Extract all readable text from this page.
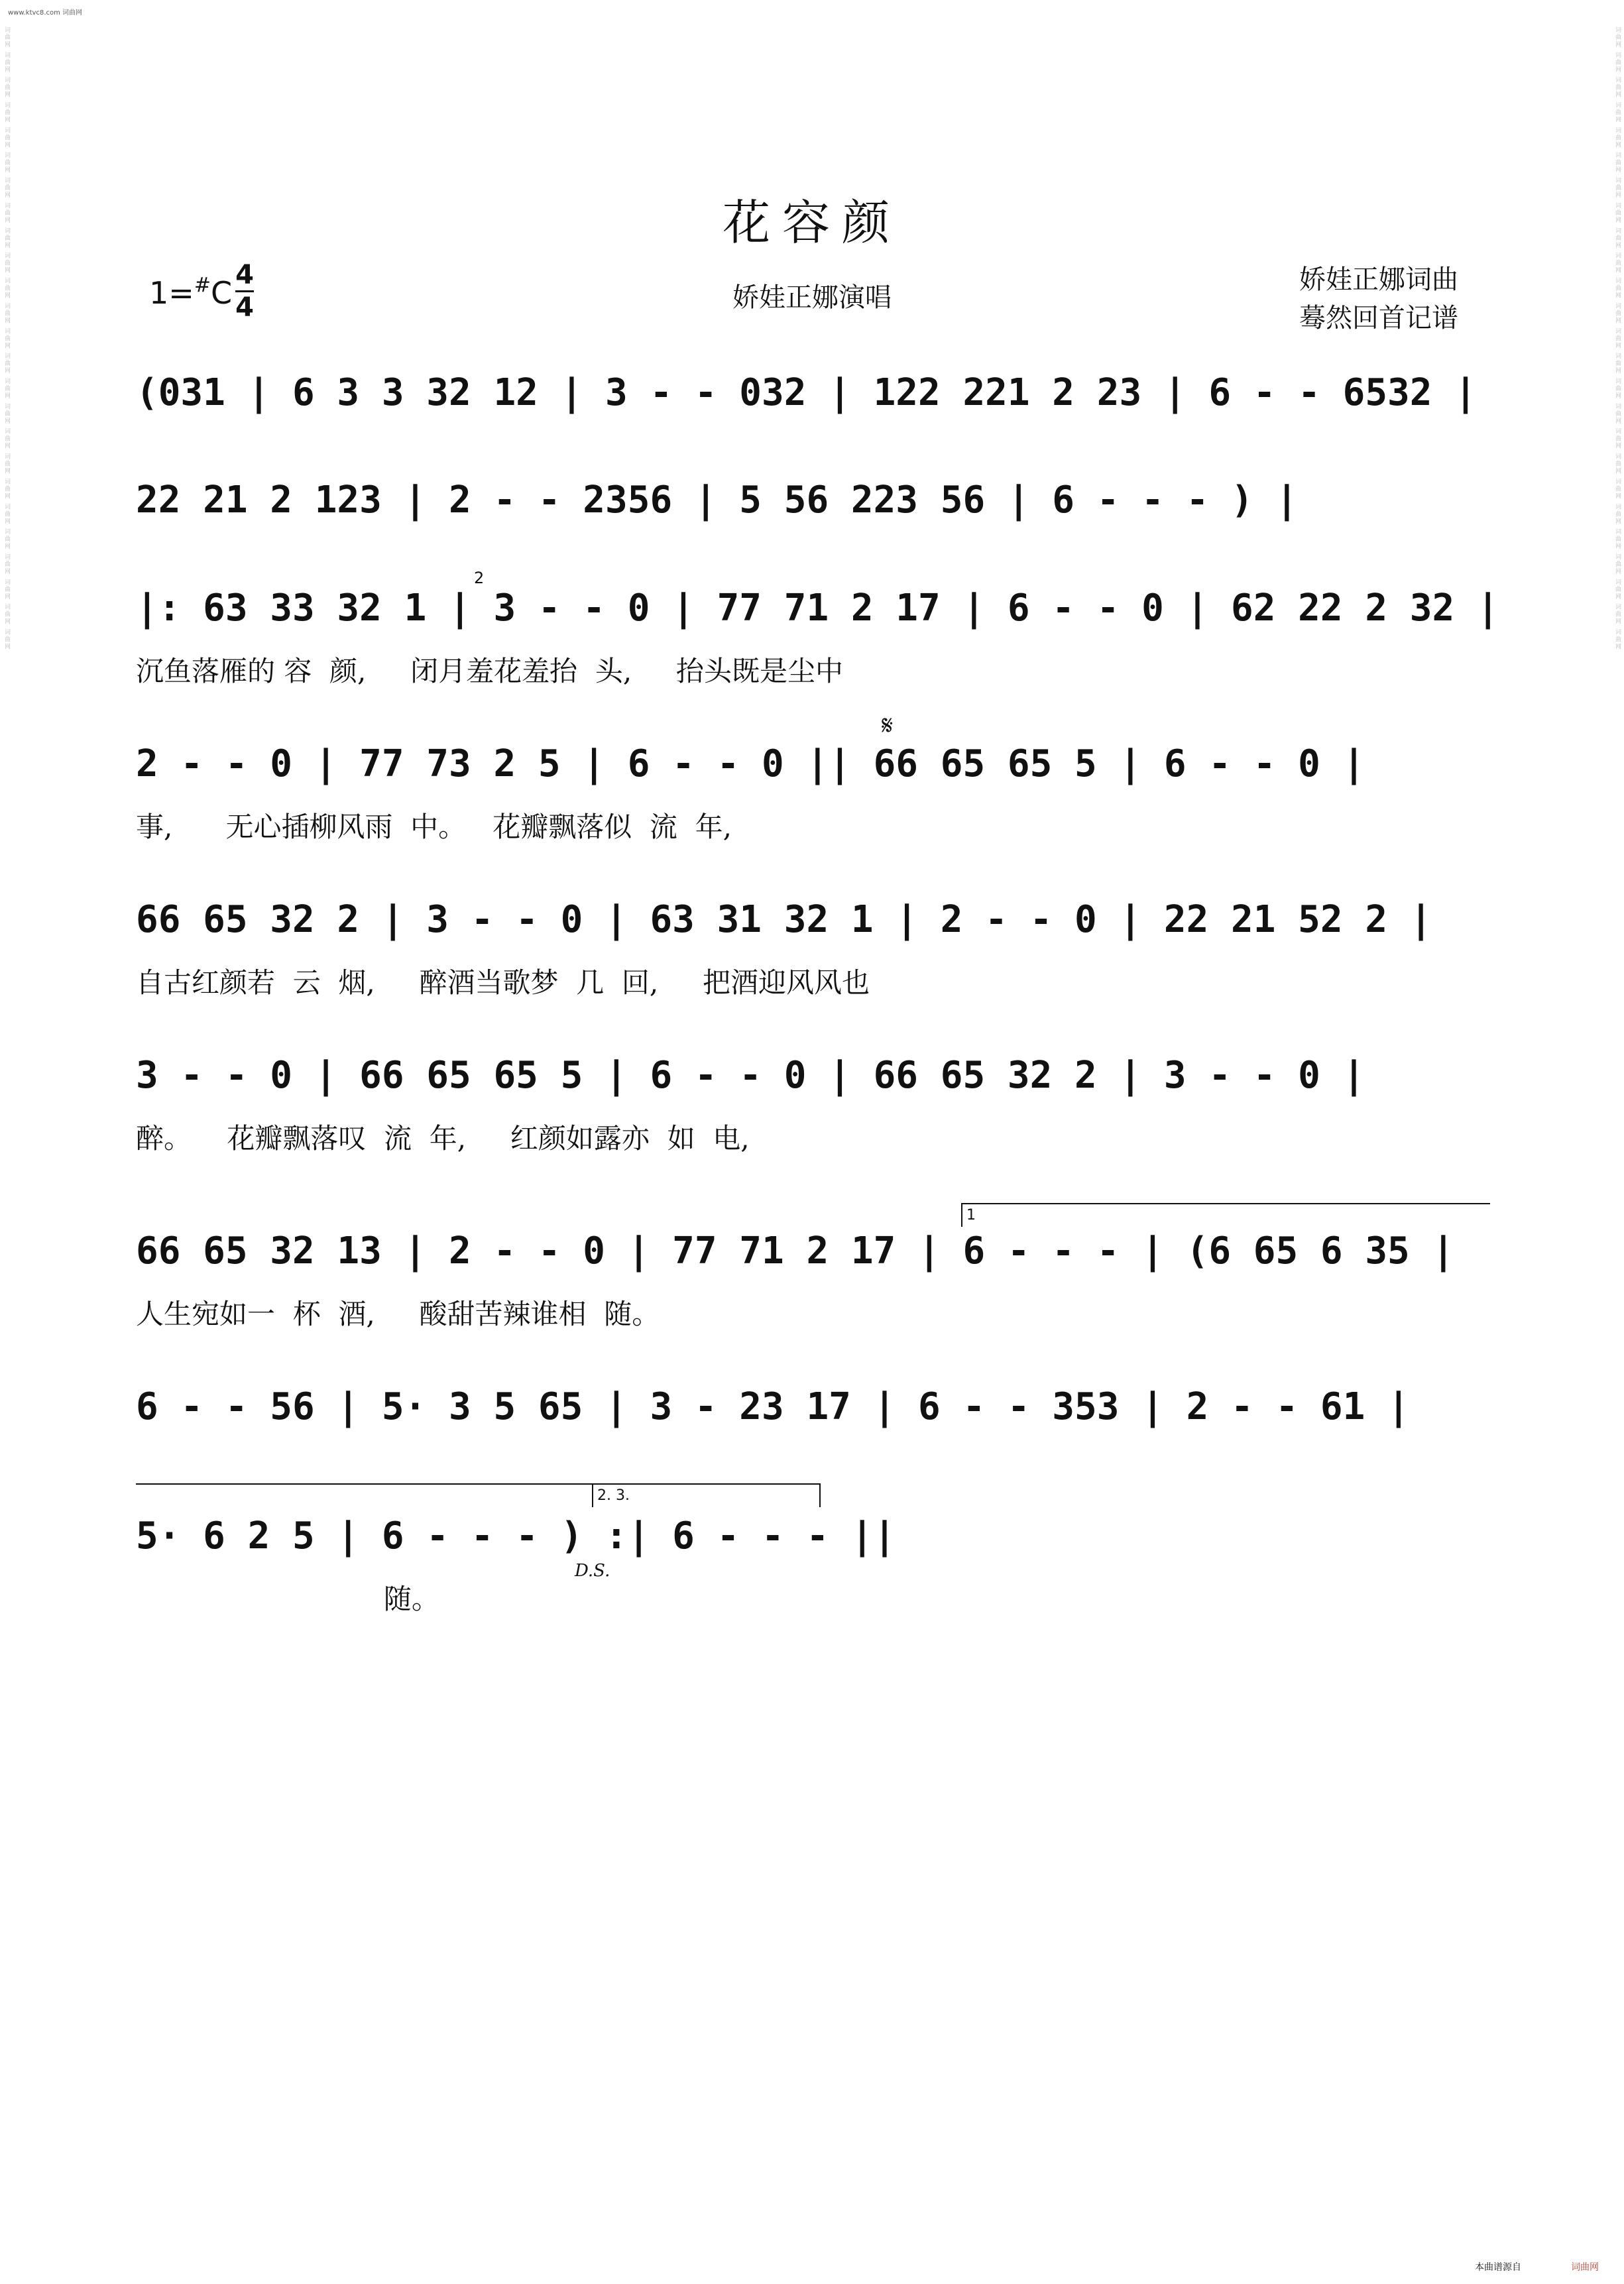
www.ktvc8.com 词曲网
词曲网 词曲网 词曲网 词曲网 词曲网 词曲网 词曲网 词曲网 词曲网 词曲网 词曲网 词曲网 词曲网 词曲网 词曲网 词曲网 词曲网 词曲网 词曲网 词曲网 词曲网 词曲网 词曲网 词曲网 词曲网	词曲网 词曲网 词曲网 词曲网 词曲网 词曲网 词曲网 词曲网 词曲网 词曲网 词曲网 词曲网 词曲网 词曲网 词曲网 词曲网 词曲网 词曲网 词曲网 词曲网 词曲网 词曲网 词曲网 词曲网 词曲网
花容颜
1=#C 4
4	娇娃正娜演唱
娇娃正娜词曲
蓦然回首记谱
(031 | 6 3 3 32 12 | 3 - - 032 | 122 221 2 23 | 6 - - 6532 |
22 21 2 123 | 2 - - 2356 | 5 56 223 56 | 6 - - - ) |
|: 63 33 32 1 | 3 - - 0 | 77 71 2 17 | 6 - - 0 | 62 22 2 32 |
2
沉鱼落雁的 容  颜,     闭月羞花羞抬  头,     抬头既是尘中
2 - - 0 | 77 73 2 5 | 6 - - 0 || 66 65 65 5 | 6 - - 0 |
𝄋
事,      无心插柳风雨  中。   花瓣飘落似  流  年,
66 65 32 2 | 3 - - 0 | 63 31 32 1 | 2 - - 0 | 22 21 52 2 |
自古红颜若  云  烟,     醉酒当歌梦  几  回,     把酒迎风风也
3 - - 0 | 66 65 65 5 | 6 - - 0 | 66 65 32 2 | 3 - - 0 |
醉。    花瓣飘落叹  流  年,     红颜如露亦  如  电,
1
66 65 32 13 | 2 - - 0 | 77 71 2 17 | 6 - - - | (6 65 6 35 |
人生宛如一  杯  酒,     酸甜苦辣谁相  随。
6 - - 56 | 5· 3 5 65 | 3 - 23 17 | 6 - - 353 | 2 - - 61 |
2. 3.
5· 6 2 5 | 6 - - - ) :| 6 - - - ||
D.S.
随。
本曲谱源自	词曲网
